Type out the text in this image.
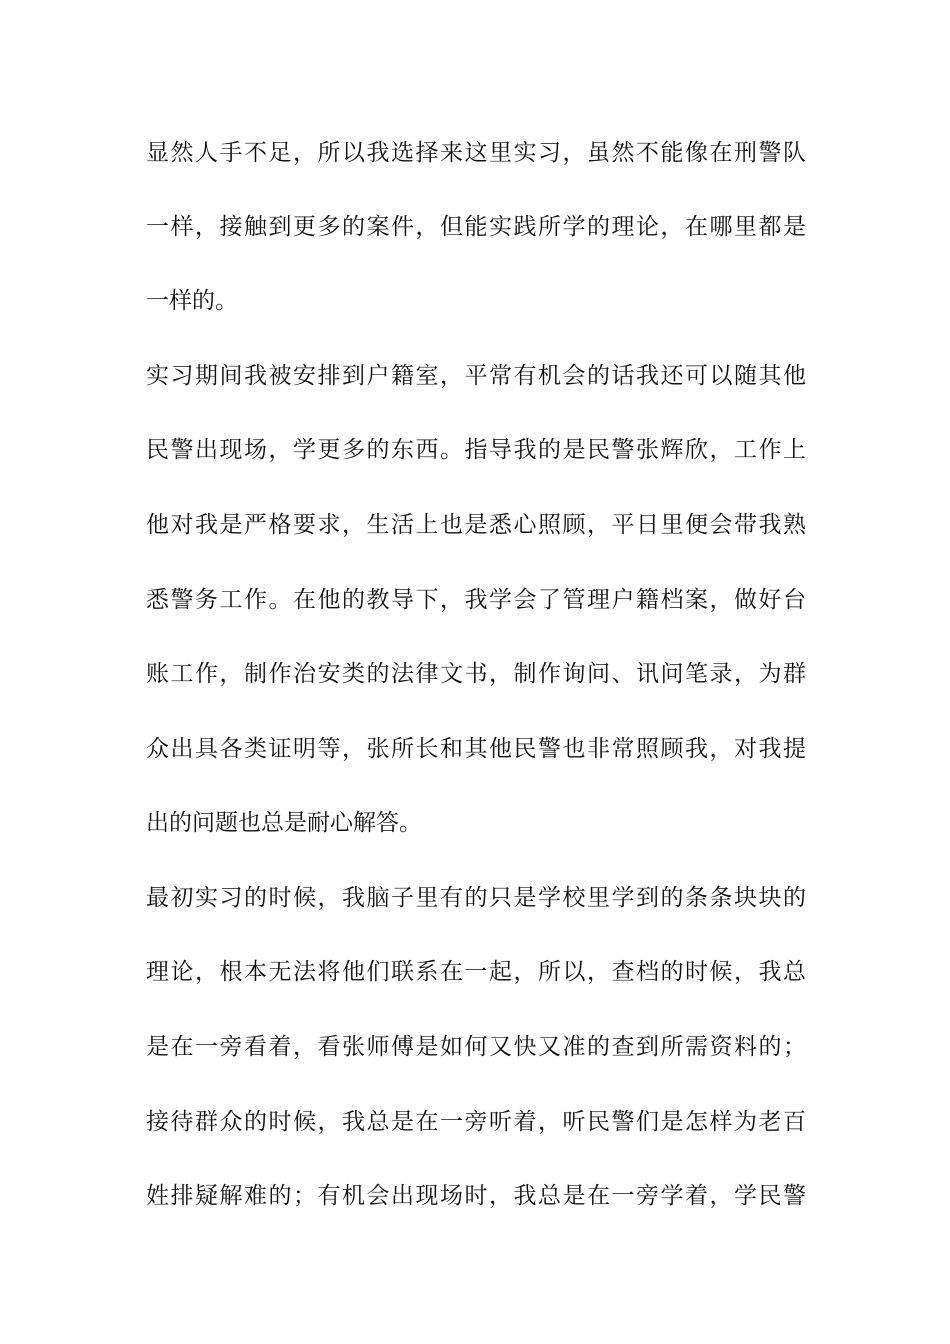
显然人手不足，所以我选择来这里实习，虽然不能像在刑警队
一样，接触到更多的案件，但能实践所学的理论，在哪里都是
一样的。
实习期间我被安排到户籍室，平常有机会的话我还可以随其他
民警出现场，学更多的东西。指导我的是民警张辉欣，工作上
他对我是严格要求，生活上也是悉心照顾，平日里便会带我熟
悉警务工作。在他的教导下，我学会了管理户籍档案，做好台
账工作，制作治安类的法律文书，制作询问、讯问笔录，为群
众出具各类证明等，张所长和其他民警也非常照顾我，对我提
出的问题也总是耐心解答。
最初实习的时候，我脑子里有的只是学校里学到的条条块块的
理论，根本无法将他们联系在一起，所以，查档的时候，我总
是在一旁看着，看张师傅是如何又快又准的查到所需资料的；
接待群众的时候，我总是在一旁听着，听民警们是怎样为老百
姓排疑解难的；有机会出现场时，我总是在一旁学着，学民警
